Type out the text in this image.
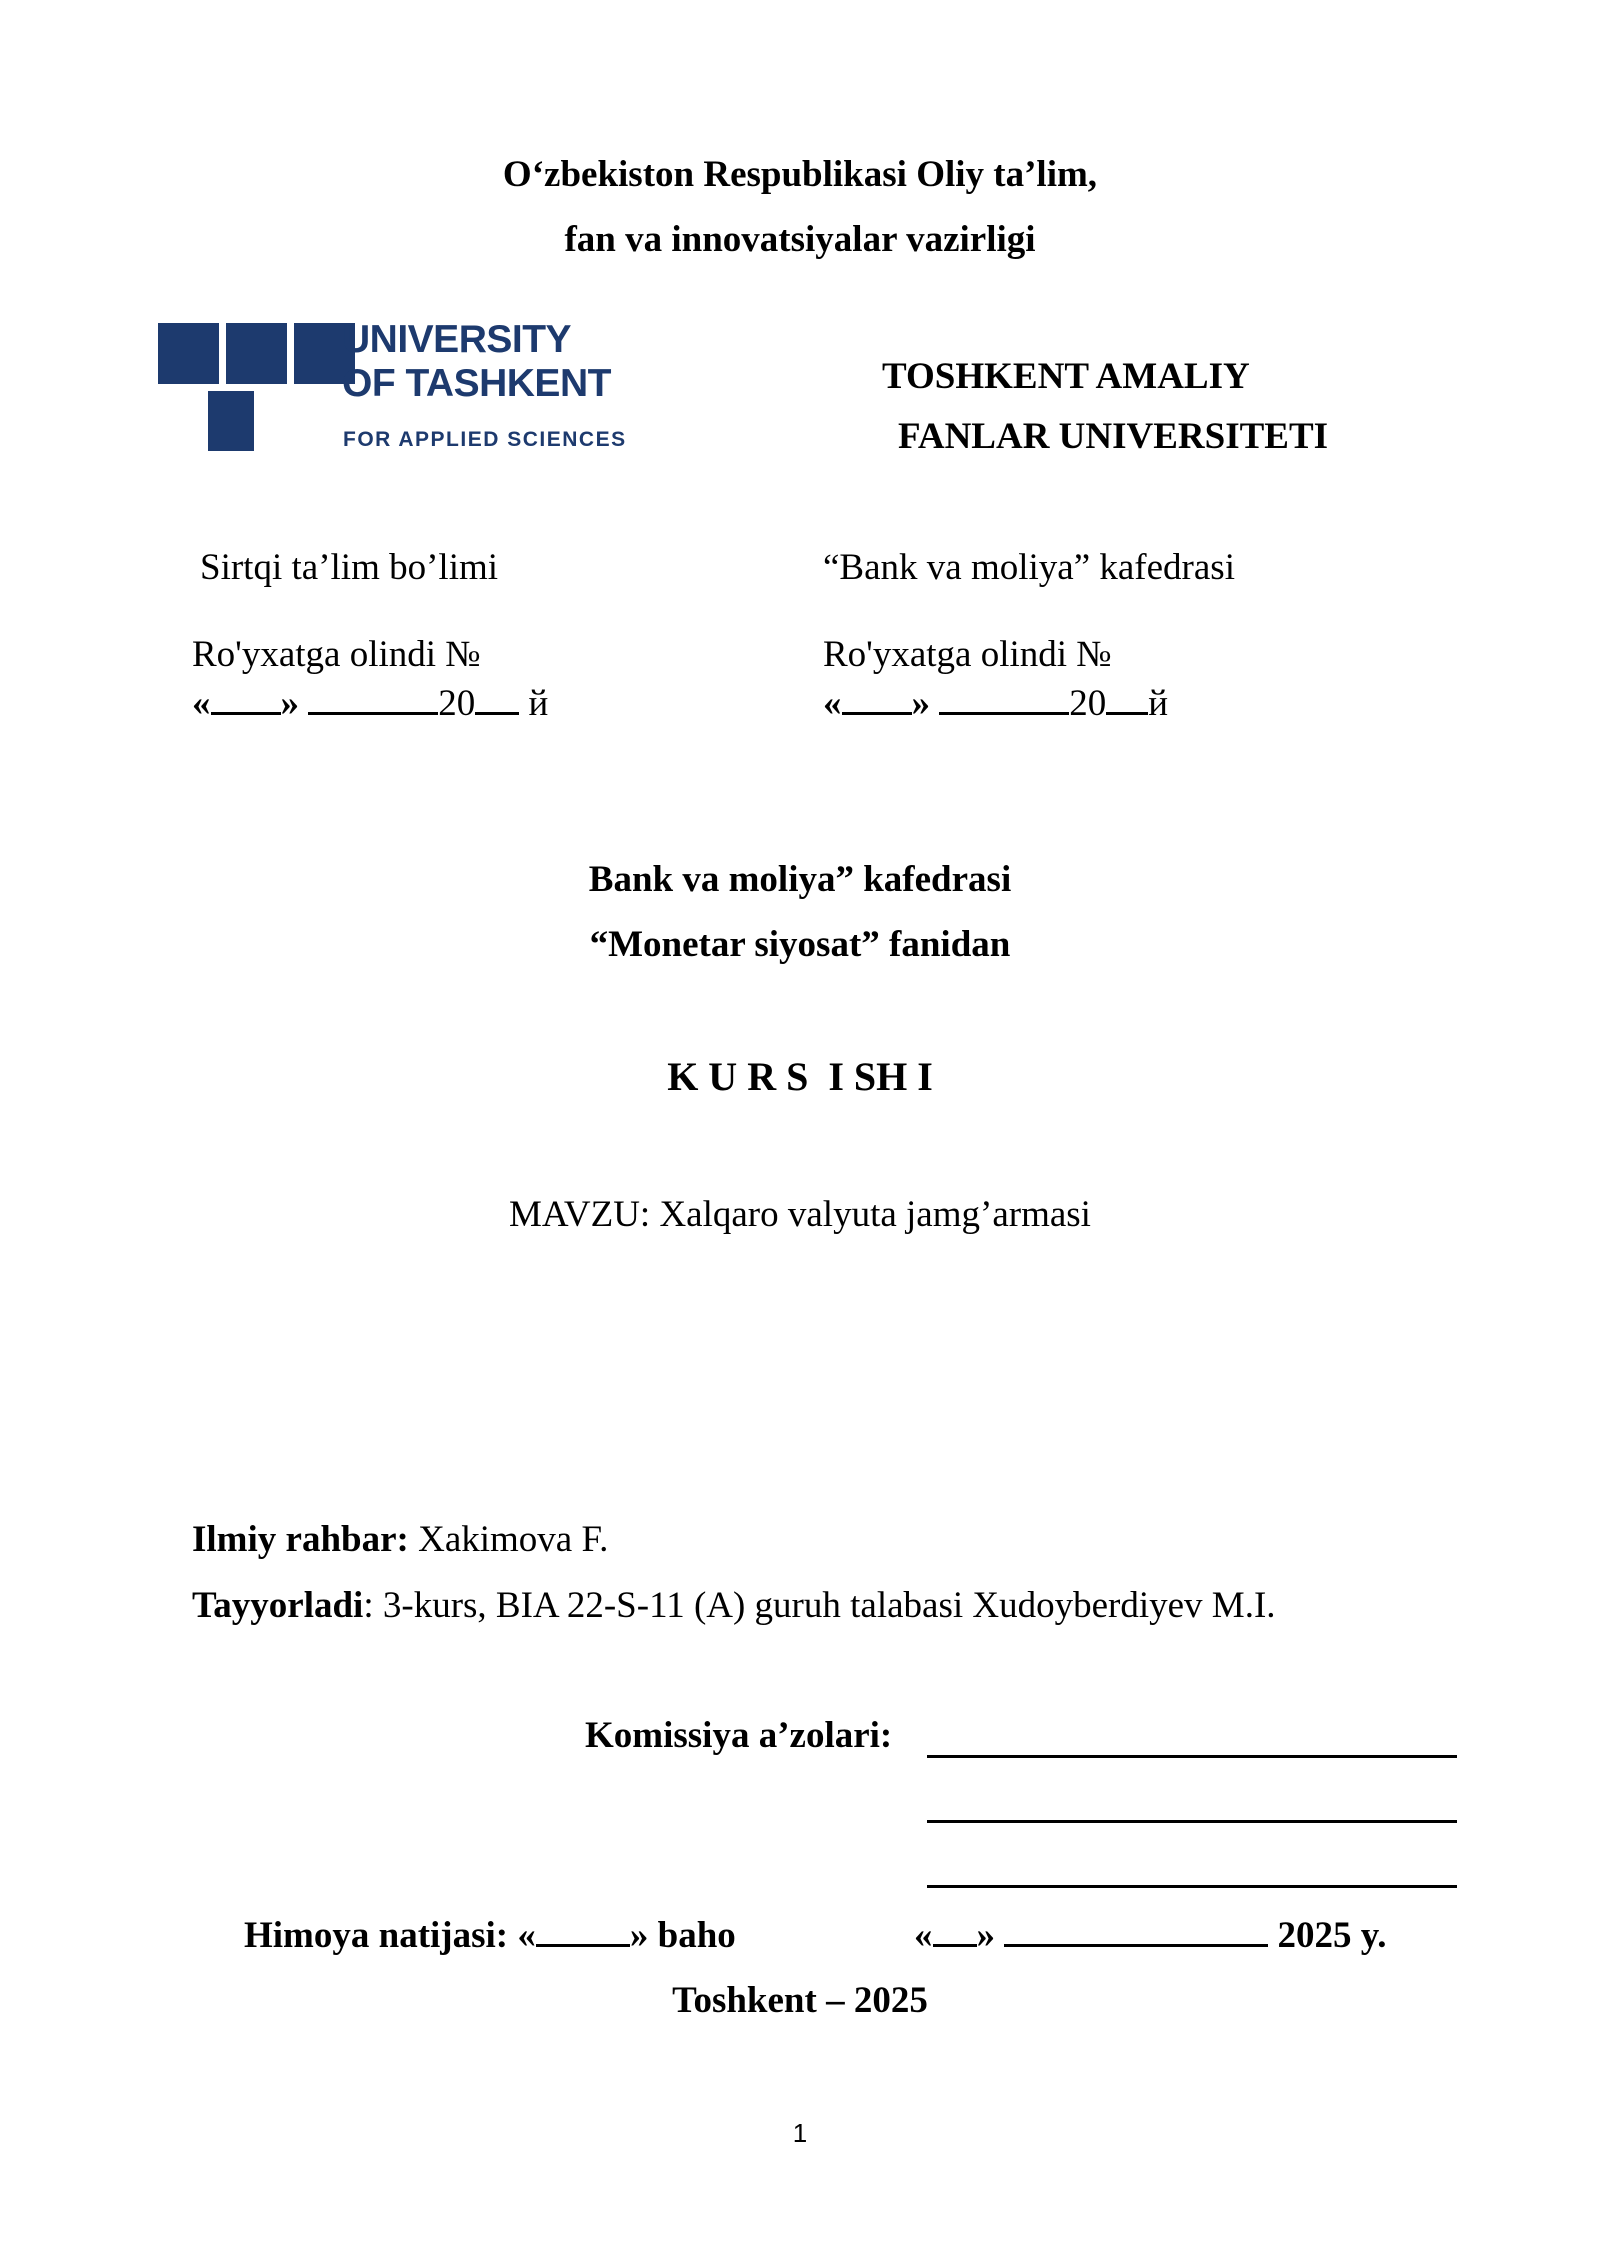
O‘zbekiston Respublikasi Oliy ta’lim,
fan va innovatsiyalar vazirligi
UNIVERSITY
OF TASHKENT
FOR APPLIED SCIENCES
TOSHKENT AMALIY
FANLAR UNIVERSITETI
Sirtqi ta’lim bo’limi
Ro'yxatga olindi №
« »	20 й
“Bank va moliya” kafedrasi
Ro'yxatga olindi №
« »	20 й
Bank va moliya” kafedrasi
“Monetar siyosat” fanidan
K U R S  I SH I
MAVZU: Xalqaro valyuta jamg’armasi
Ilmiy rahbar: Xakimova F.
Tayyorladi: 3-kurs, BIA 22-S-11 (A) guruh talabasi Xudoyberdiyev M.I.
Komissiya a’zolari:
Himoya natijasi: «	» baho	« »	2025 y.
Toshkent – 2025
1
